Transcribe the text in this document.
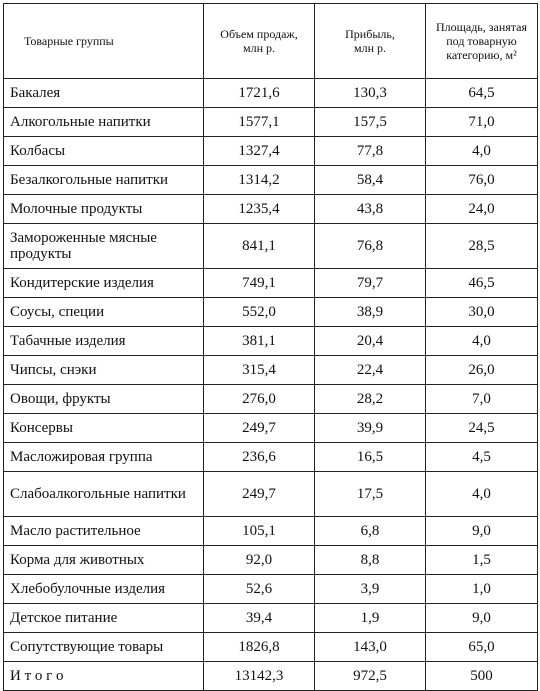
Товарные группы	Объем продаж, млн р.	Прибыль, млн р.	Площадь, занятая под товарную категорию, м²

Бакалея	1721,6	130,3	64,5
Алкогольные напитки	1577,1	157,5	71,0
Колбасы	1327,4	77,8	4,0
Безалкогольные напитки	1314,2	58,4	76,0
Молочные продукты	1235,4	43,8	24,0
Замороженные мясные продукты	841,1	76,8	28,5
Кондитерские изделия	749,1	79,7	46,5
Соусы, специи	552,0	38,9	30,0
Табачные изделия	381,1	20,4	4,0
Чипсы, снэки	315,4	22,4	26,0
Овощи, фрукты	276,0	28,2	7,0
Консервы	249,7	39,9	24,5
Масложировая группа	236,6	16,5	4,5
Слабоалкогольные напитки	249,7	17,5	4,0
Масло растительное	105,1	6,8	9,0
Корма для животных	92,0	8,8	1,5
Хлебобулочные изделия	52,6	3,9	1,0
Детское питание	39,4	1,9	9,0
Сопутствующие товары	1826,8	143,0	65,0
И т о г о	13142,3	972,5	500
